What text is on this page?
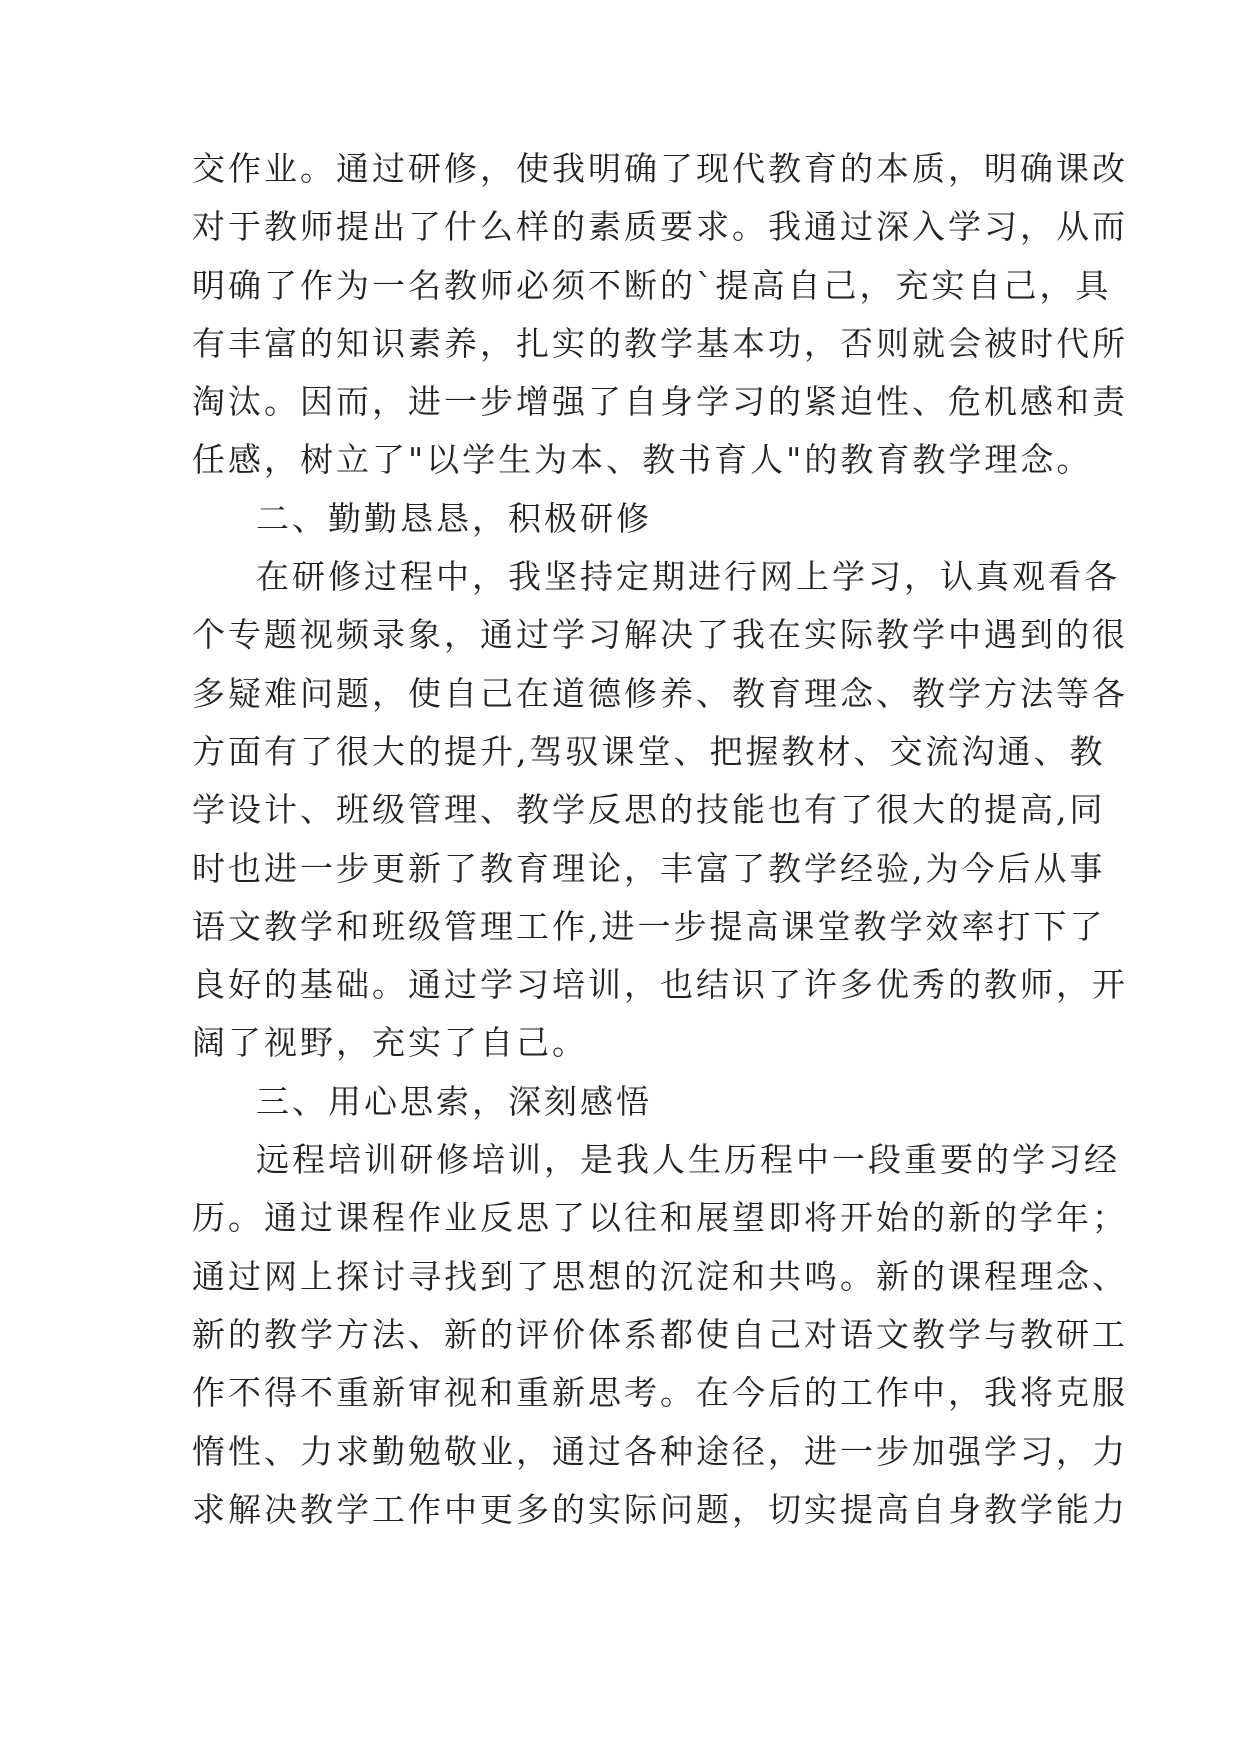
交作业。通过研修，使我明确了现代教育的本质，明确课改
对于教师提出了什么样的素质要求。我通过深入学习，从而
明确了作为一名教师必须不断的`提高自己，充实自己，具
有丰富的知识素养，扎实的教学基本功，否则就会被时代所
淘汰。因而，进一步增强了自身学习的紧迫性、危机感和责
任感，树立了"以学生为本、教书育人"的教育教学理念。
二、勤勤恳恳，积极研修
在研修过程中，我坚持定期进行网上学习，认真观看各
个专题视频录象，通过学习解决了我在实际教学中遇到的很
多疑难问题，使自己在道德修养、教育理念、教学方法等各
方面有了很大的提升,驾驭课堂、把握教材、交流沟通、教
学设计、班级管理、教学反思的技能也有了很大的提高,同
时也进一步更新了教育理论，丰富了教学经验,为今后从事
语文教学和班级管理工作,进一步提高课堂教学效率打下了
良好的基础。通过学习培训，也结识了许多优秀的教师，开
阔了视野，充实了自己。
三、用心思索，深刻感悟
远程培训研修培训，是我人生历程中一段重要的学习经
历。通过课程作业反思了以往和展望即将开始的新的学年；
通过网上探讨寻找到了思想的沉淀和共鸣。新的课程理念、
新的教学方法、新的评价体系都使自己对语文教学与教研工
作不得不重新审视和重新思考。在今后的工作中，我将克服
惰性、力求勤勉敬业，通过各种途径，进一步加强学习，力
求解决教学工作中更多的实际问题，切实提高自身教学能力
